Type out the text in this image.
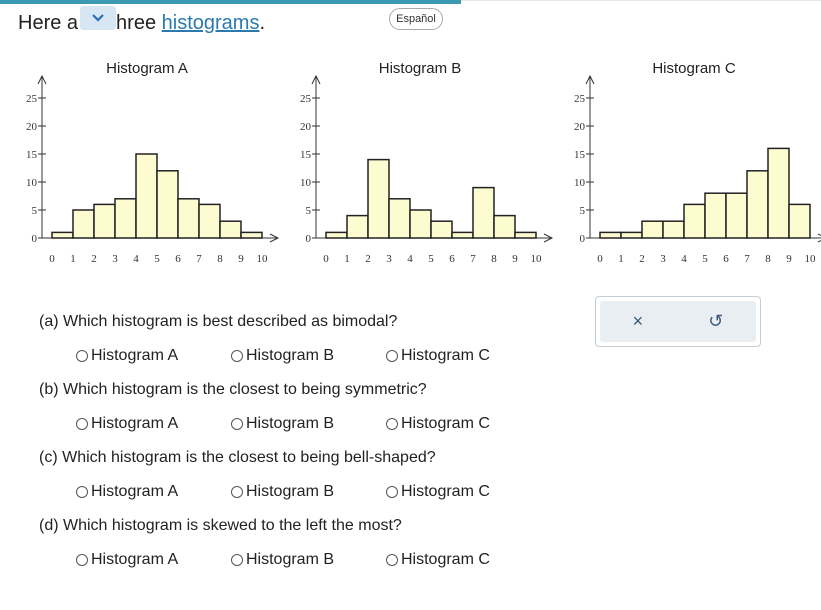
Here a hree histograms.	Español
Histogram A	Histogram B	Histogram C
0
5
10
15
20
25
0 1 2 3 4 5 6 7 8 9 10
0
5
10
15
20
25
0 1 2 3 4 5 6 7 8 9 10
0
5
10
15
20
25
0 1 2 3 4 5 6 7 8 9 10
(a) Which histogram is best described as bimodal?
Histogram A	Histogram B	Histogram C
(b) Which histogram is the closest to being symmetric?
Histogram A	Histogram B	Histogram C
(c) Which histogram is the closest to being bell-shaped?
Histogram A	Histogram B	Histogram C
(d) Which histogram is skewed to the left the most?
Histogram A	Histogram B	Histogram C
×	↺
